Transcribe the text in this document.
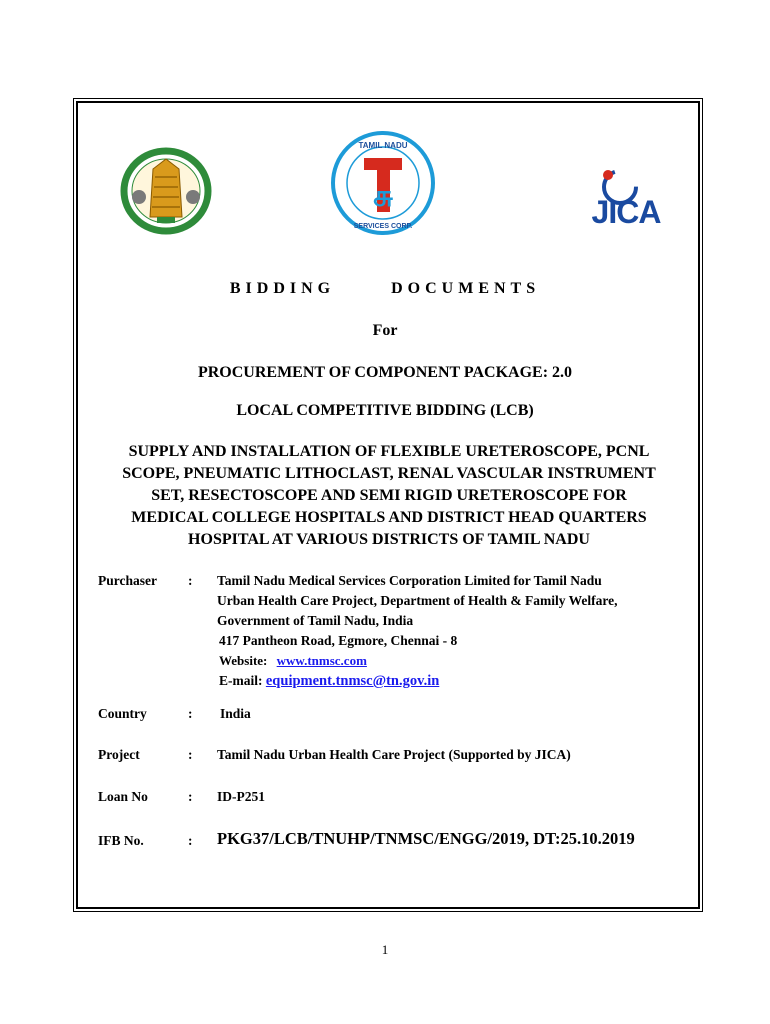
TAMIL NADU
SERVICES CORP.
சு	JICA
BIDDING	DOCUMENTS
For
PROCUREMENT OF COMPONENT PACKAGE: 2.0
LOCAL COMPETITIVE BIDDING (LCB)
SUPPLY AND INSTALLATION OF FLEXIBLE URETEROSCOPE, PCNL
SCOPE, PNEUMATIC LITHOCLAST, RENAL VASCULAR INSTRUMENT
SET, RESECTOSCOPE AND SEMI RIGID URETEROSCOPE FOR
MEDICAL COLLEGE HOSPITALS AND DISTRICT HEAD QUARTERS
HOSPITAL AT VARIOUS DISTRICTS OF TAMIL NADU
Purchaser : Tamil Nadu Medical Services Corporation Limited for Tamil Nadu
Urban Health Care Project, Department of Health & Family Welfare,
Government of Tamil Nadu, India
417 Pantheon Road, Egmore, Chennai - 8
Website: www.tnmsc.com
E-mail: equipment.tnmsc@tn.gov.in
Country	: India
Project	: Tamil Nadu Urban Health Care Project (Supported by JICA)
Loan No	: ID-P251
IFB No.	: PKG37/LCB/TNUHP/TNMSC/ENGG/2019, DT:25.10.2019
1
